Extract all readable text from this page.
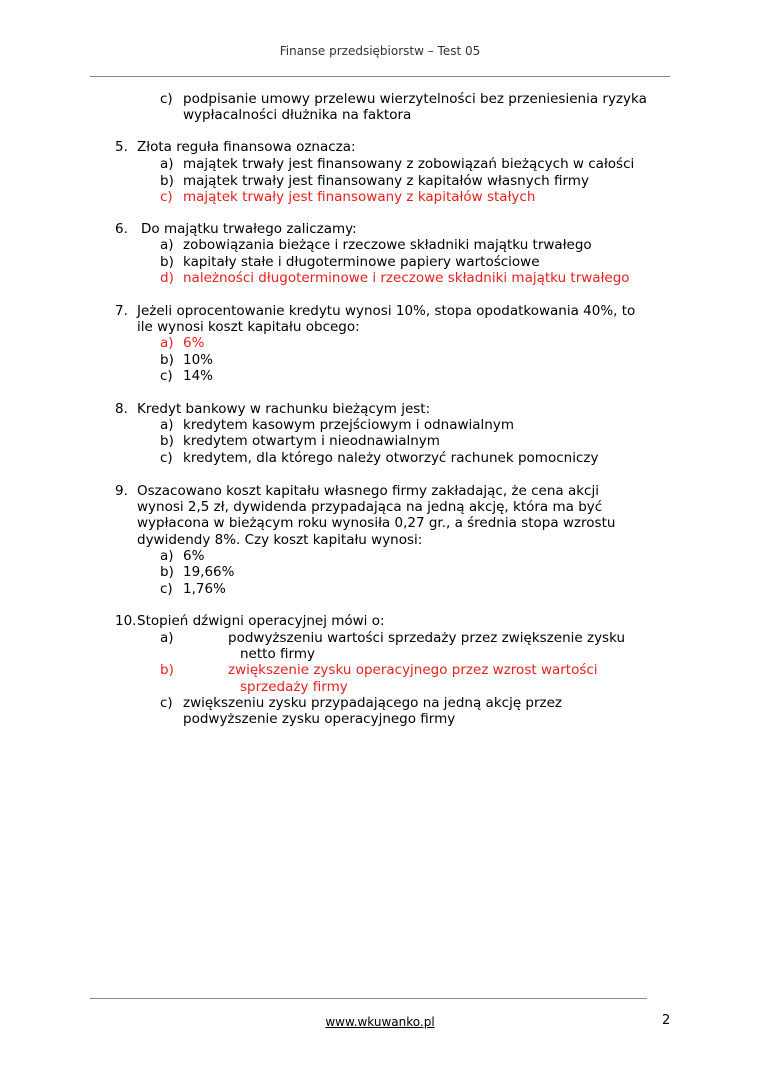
Finanse przedsiębiorstw – Test 05
c) podpisanie umowy przelewu wierzytelności bez przeniesienia ryzyka
wypłacalności dłużnika na faktora
5. Złota reguła finansowa oznacza:
a) majątek trwały jest finansowany z zobowiązań bieżących w całości
b) majątek trwały jest finansowany z kapitałów własnych firmy
c) majątek trwały jest finansowany z kapitałów stałych
6. Do majątku trwałego zaliczamy:
a) zobowiązania bieżące i rzeczowe składniki majątku trwałego
b) kapitały stałe i długoterminowe papiery wartościowe
d) należności długoterminowe i rzeczowe składniki majątku trwałego
7. Jeżeli oprocentowanie kredytu wynosi 10%, stopa opodatkowania 40%, to
ile wynosi koszt kapitału obcego:
a) 6%
b) 10%
c) 14%
8. Kredyt bankowy w rachunku bieżącym jest:
a) kredytem kasowym przejściowym i odnawialnym
b) kredytem otwartym i nieodnawialnym
c) kredytem, dla którego należy otworzyć rachunek pomocniczy
9. Oszacowano koszt kapitału własnego firmy zakładając, że cena akcji
wynosi 2,5 zł, dywidenda przypadająca na jedną akcję, która ma być
wypłacona w bieżącym roku wynosiła 0,27 gr., a średnia stopa wzrostu
dywidendy 8%. Czy koszt kapitału wynosi:
a) 6%
b) 19,66%
c) 1,76%
10. Stopień dźwigni operacyjnej mówi o:
a)	podwyższeniu wartości sprzedaży przez zwiększenie zysku
netto firmy
b)	zwiększenie zysku operacyjnego przez wzrost wartości
sprzedaży firmy
c) zwiększeniu zysku przypadającego na jedną akcję przez
podwyższenie zysku operacyjnego firmy
www.wkuwanko.pl	2
